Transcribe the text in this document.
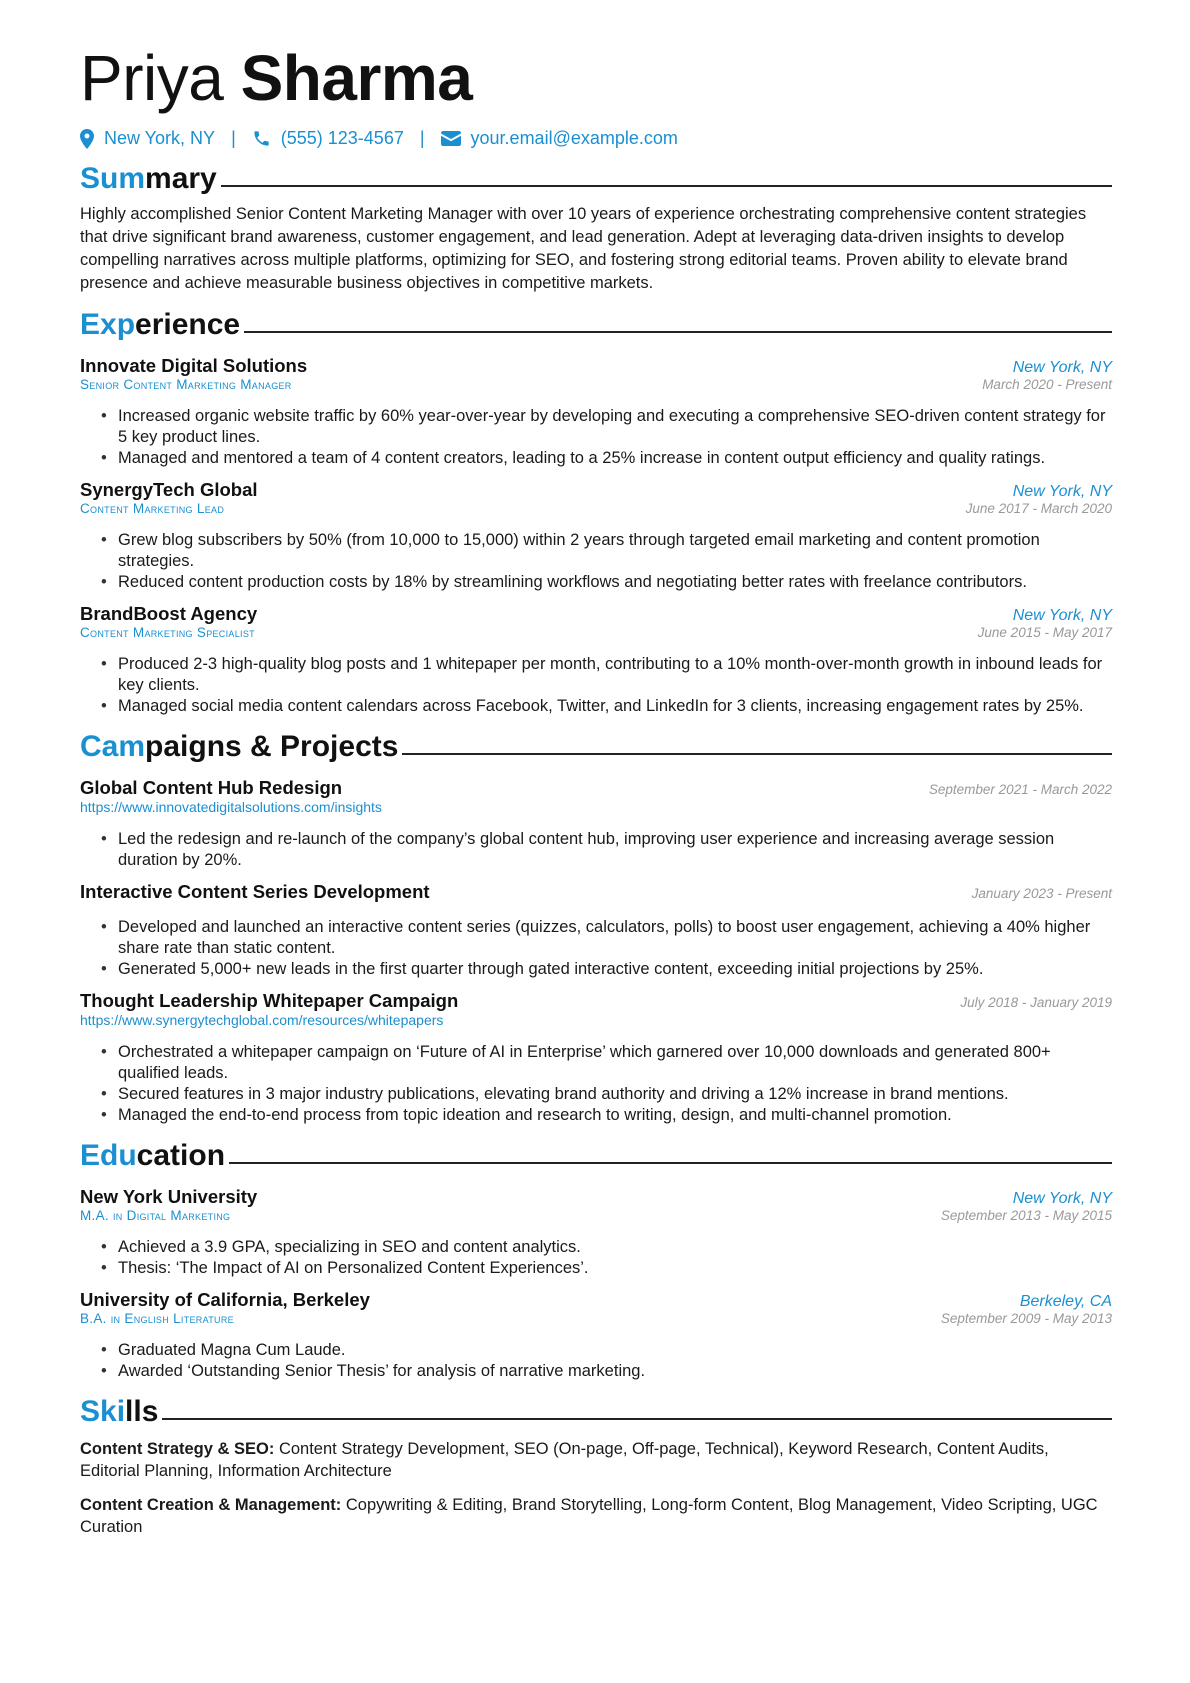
Priya Sharma
New York, NY |	(555) 123-4567 |	your.email@example.com
Summary

Highly accomplished Senior Content Marketing Manager with over 10 years of experience orchestrating comprehensive content strategies that drive significant brand awareness, customer engagement, and lead generation. Adept at leveraging data-driven insights to develop compelling narratives across multiple platforms, optimizing for SEO, and fostering strong editorial teams. Proven ability to elevate brand presence and achieve measurable business objectives in competitive markets.

Experience
Innovate Digital Solutions	New York, NY
Senior Content Marketing Manager	March 2020 - Present
• Increased organic website traffic by 60% year-over-year by developing and executing a comprehensive SEO-driven content strategy for 5 key product lines.
• Managed and mentored a team of 4 content creators, leading to a 25% increase in content output efficiency and quality ratings.
SynergyTech Global	New York, NY
Content Marketing Lead	June 2017 - March 2020
• Grew blog subscribers by 50% (from 10,000 to 15,000) within 2 years through targeted email marketing and content promotion strategies.
• Reduced content production costs by 18% by streamlining workflows and negotiating better rates with freelance contributors.
BrandBoost Agency	New York, NY
Content Marketing Specialist	June 2015 - May 2017
• Produced 2-3 high-quality blog posts and 1 whitepaper per month, contributing to a 10% month-over-month growth in inbound leads for key clients.
• Managed social media content calendars across Facebook, Twitter, and LinkedIn for 3 clients, increasing engagement rates by 25%.
Campaigns & Projects
Global Content Hub Redesign	September 2021 - March 2022
https://www.innovatedigitalsolutions.com/insights
• Led the redesign and re-launch of the company’s global content hub, improving user experience and increasing average session duration by 20%.
Interactive Content Series Development	January 2023 - Present
• Developed and launched an interactive content series (quizzes, calculators, polls) to boost user engagement, achieving a 40% higher share rate than static content.
• Generated 5,000+ new leads in the first quarter through gated interactive content, exceeding initial projections by 25%.
Thought Leadership Whitepaper Campaign	July 2018 - January 2019
https://www.synergytechglobal.com/resources/whitepapers
• Orchestrated a whitepaper campaign on ‘Future of AI in Enterprise’ which garnered over 10,000 downloads and generated 800+ qualified leads.
• Secured features in 3 major industry publications, elevating brand authority and driving a 12% increase in brand mentions.
• Managed the end-to-end process from topic ideation and research to writing, design, and multi-channel promotion.
Education
New York University	New York, NY
M.A. in Digital Marketing	September 2013 - May 2015
• Achieved a 3.9 GPA, specializing in SEO and content analytics.
• Thesis: ‘The Impact of AI on Personalized Content Experiences’.
University of California, Berkeley	Berkeley, CA
B.A. in English Literature	September 2009 - May 2013
• Graduated Magna Cum Laude.
• Awarded ‘Outstanding Senior Thesis’ for analysis of narrative marketing.
Skills

Content Strategy & SEO: Content Strategy Development, SEO (On-page, Off-page, Technical), Keyword Research, Content Audits, Editorial Planning, Information Architecture

Content Creation & Management: Copywriting & Editing, Brand Storytelling, Long-form Content, Blog Management, Video Scripting, UGC Curation
